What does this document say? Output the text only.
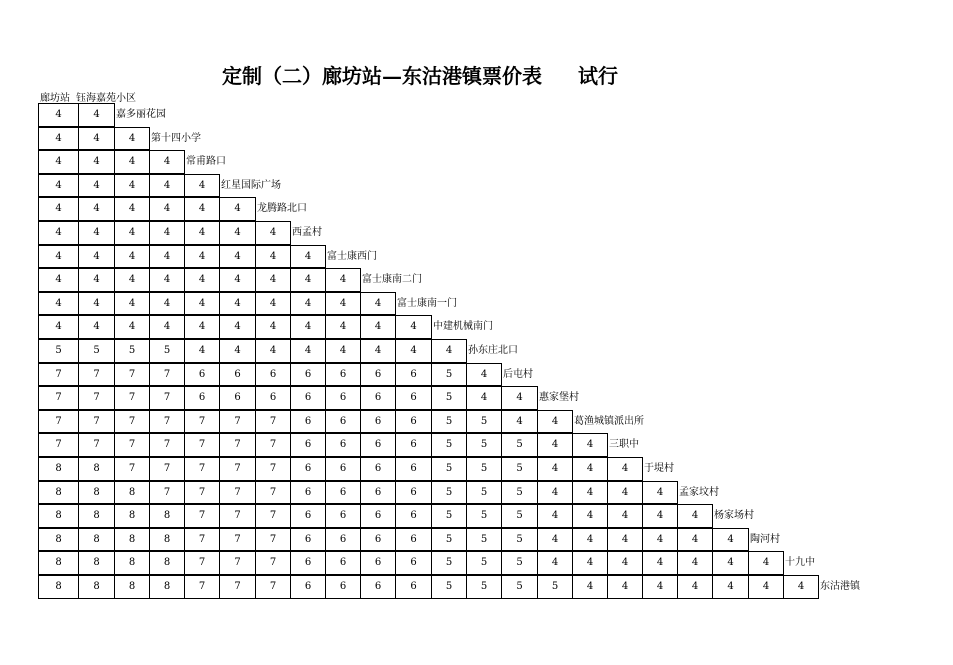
定制（二）廊坊站—东沽港镇票价表 试行
廊坊站 钰海嘉苑小区
4	4	嘉多丽花园
4	4	4	第十四小学
4	4	4	4	常甫路口
4	4	4	4	4	红星国际广场
4	4	4	4	4	4	龙腾路北口
4	4	4	4	4	4	4	西孟村
4	4	4	4	4	4	4	4	富士康西门
4	4	4	4	4	4	4	4	4	富士康南二门
4	4	4	4	4	4	4	4	4	4	富士康南一门
4	4	4	4	4	4	4	4	4	4	4	中建机械南门
5	5	5	5	4	4	4	4	4	4	4	4	孙东庄北口
7	7	7	7	6	6	6	6	6	6	6	5	4	后屯村
7	7	7	7	6	6	6	6	6	6	6	5	4	4	惠家堡村
7	7	7	7	7	7	7	6	6	6	6	5	5	4	4	葛渔城镇派出所
7	7	7	7	7	7	7	6	6	6	6	5	5	5	4	4	三职中
8	8	7	7	7	7	7	6	6	6	6	5	5	5	4	4	4	于堤村
8	8	8	7	7	7	7	6	6	6	6	5	5	5	4	4	4	4	孟家坟村
8	8	8	8	7	7	7	6	6	6	6	5	5	5	4	4	4	4	4	杨家场村
8	8	8	8	7	7	7	6	6	6	6	5	5	5	4	4	4	4	4	4	陶河村
8	8	8	8	7	7	7	6	6	6	6	5	5	5	4	4	4	4	4	4	4	十九中
8	8	8	8	7	7	7	6	6	6	6	5	5	5	5	4	4	4	4	4	4	4	东沽港镇
